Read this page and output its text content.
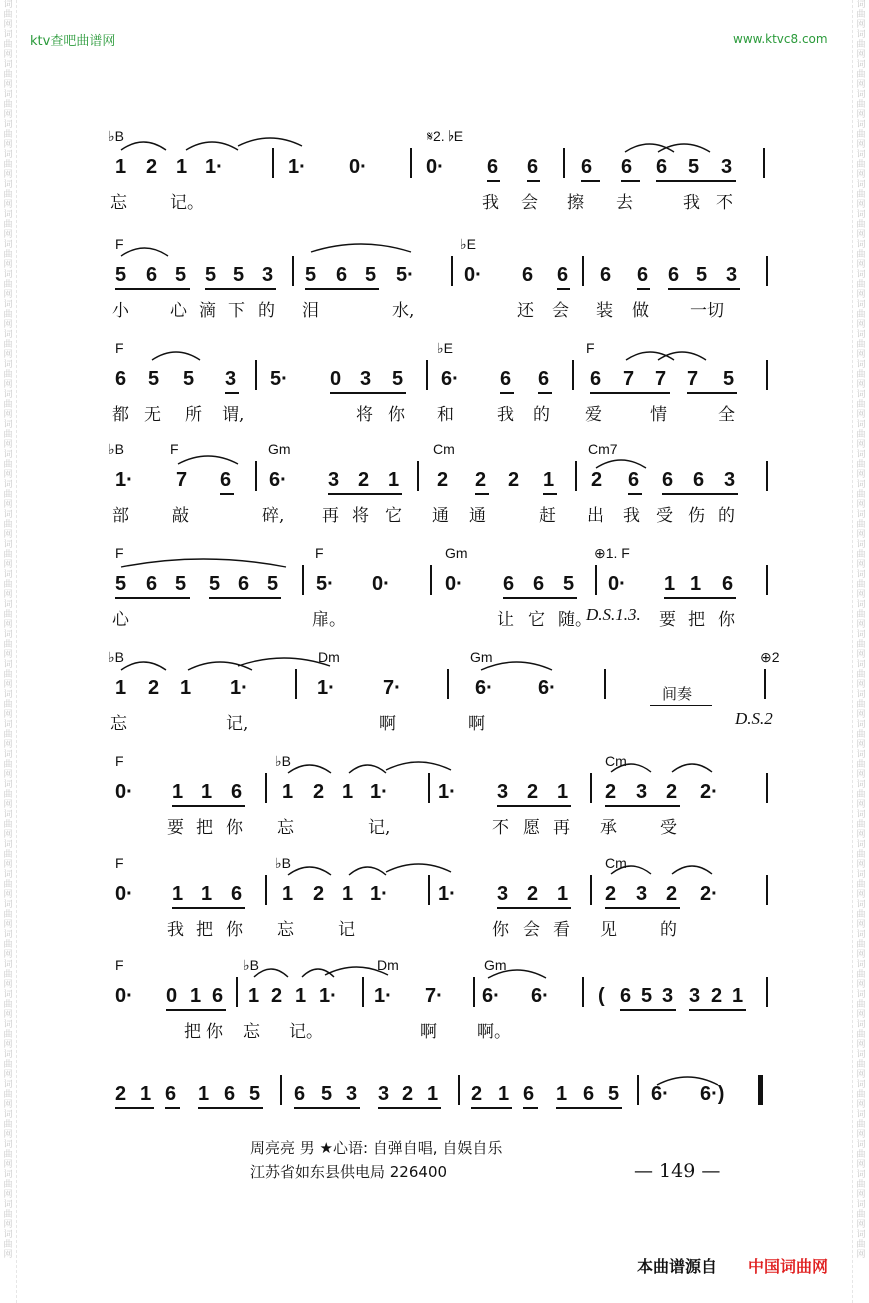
词
曲
网
词
曲
网
词
曲
网
词
曲
网
词
曲
网
词
曲
网
词
曲
网
词
曲
网
词
曲
网
词
曲
网
词
曲
网
词
曲
网
词
曲
网
词
曲
网
词
曲
网
词
曲
网
词
曲
网
词
曲
网
词
曲
网
词
曲
网
词
曲
网
词
曲
网
词
曲
网
词
曲
网
词
曲
网
词
曲
网
词
曲
网
词
曲
网
词
曲
网
词
曲
网
词
曲
网
词
曲
网
词
曲
网
词
曲
网
词
曲
网
词
曲
网
词
曲
网
词
曲
网
词
曲
网
词
曲
网
词
曲
网
词
曲
网
词
曲
网
词
曲
网
词
曲
网
词
曲
网
词
曲
网
词
曲
网
词
曲
网
词
曲
网
词
曲
网
词
曲
网
词
曲
网
词
曲
网
词
曲
网
词
曲
网
词
曲
网
词
曲
网
词
曲
网
词
曲
网
词
曲
网
词
曲
网
词
曲
网
词
曲
网
词
曲
网
词
曲
网
词
曲
网
词
曲
网
词
曲
网
词
曲
网
词
曲
网
词
曲
网
词
曲
网
词
曲
网
词
曲
网
词
曲
网
词
曲
网
词
曲
网
词
曲
网
词
曲
网
词
曲
网
词
曲
网
词
曲
网
词
曲
网
ktv查吧曲谱网	www.ktvc8.com
♭B	𝄋2. ♭E
1 2 1 1·	1· 0·	0· 6 6 6 6 6 5 3
忘	记。	我 会 擦 去	我 不
F	♭E
5 6 5 5 5 3 5 6 5 5·	0· 6 6 6 6 6 5 3
小 心 滴 下 的 泪	水,	还 会 装 做 一切
F	♭E	F
6 5 5 3 5· 0 3 5 6· 6 6 6 7 7 7 5
都 无 所 谓,	将 你 和	我 的 爱	情	全
♭B	F	Gm	Cm	Cm7
1· 7 6 6· 3 2 1 2 2 2 1 2 6 6 6 3
部	敲	碎, 再 将 它 通 通	赶 出 我 受 伤 的
F	F	Gm	⊕1. F
5 6 5 5 6 5 5· 0·	0· 6 6 5 0· 1 1 6
心	扉。	让 它 随。	要 把 你
D.S.1.3.
♭B	Dm	Gm	⊕2
1 2 1 1·	1· 7·	6· 6·	间奏
忘	记,	啊	啊	D.S.2
F	♭B	Cm
0· 1 1 6 1 2 1 1·	1· 3 2 1 2 3 2 2·
要 把 你 忘	记,	不 愿 再 承	受
F	♭B	Cm
0· 1 1 6 1 2 1 1·	1· 3 2 1 2 3 2 2·
我 把 你 忘	记	你 会 看 见	的
F	♭B	Dm	Gm
0· 0 1 6 1 2 1 1· 1· 7· 6· 6· ( 6 5 3 3 2 1
把 你 忘 记。	啊 啊。
2 1 6 1 6 5 6 5 3 3 2 1 2 1 6 1 6 5 6· 6·)
周亮亮 男 ★心语: 自弹自唱, 自娱自乐
江苏省如东县供电局 226400	— 149 —
本曲谱源自 中国词曲网
